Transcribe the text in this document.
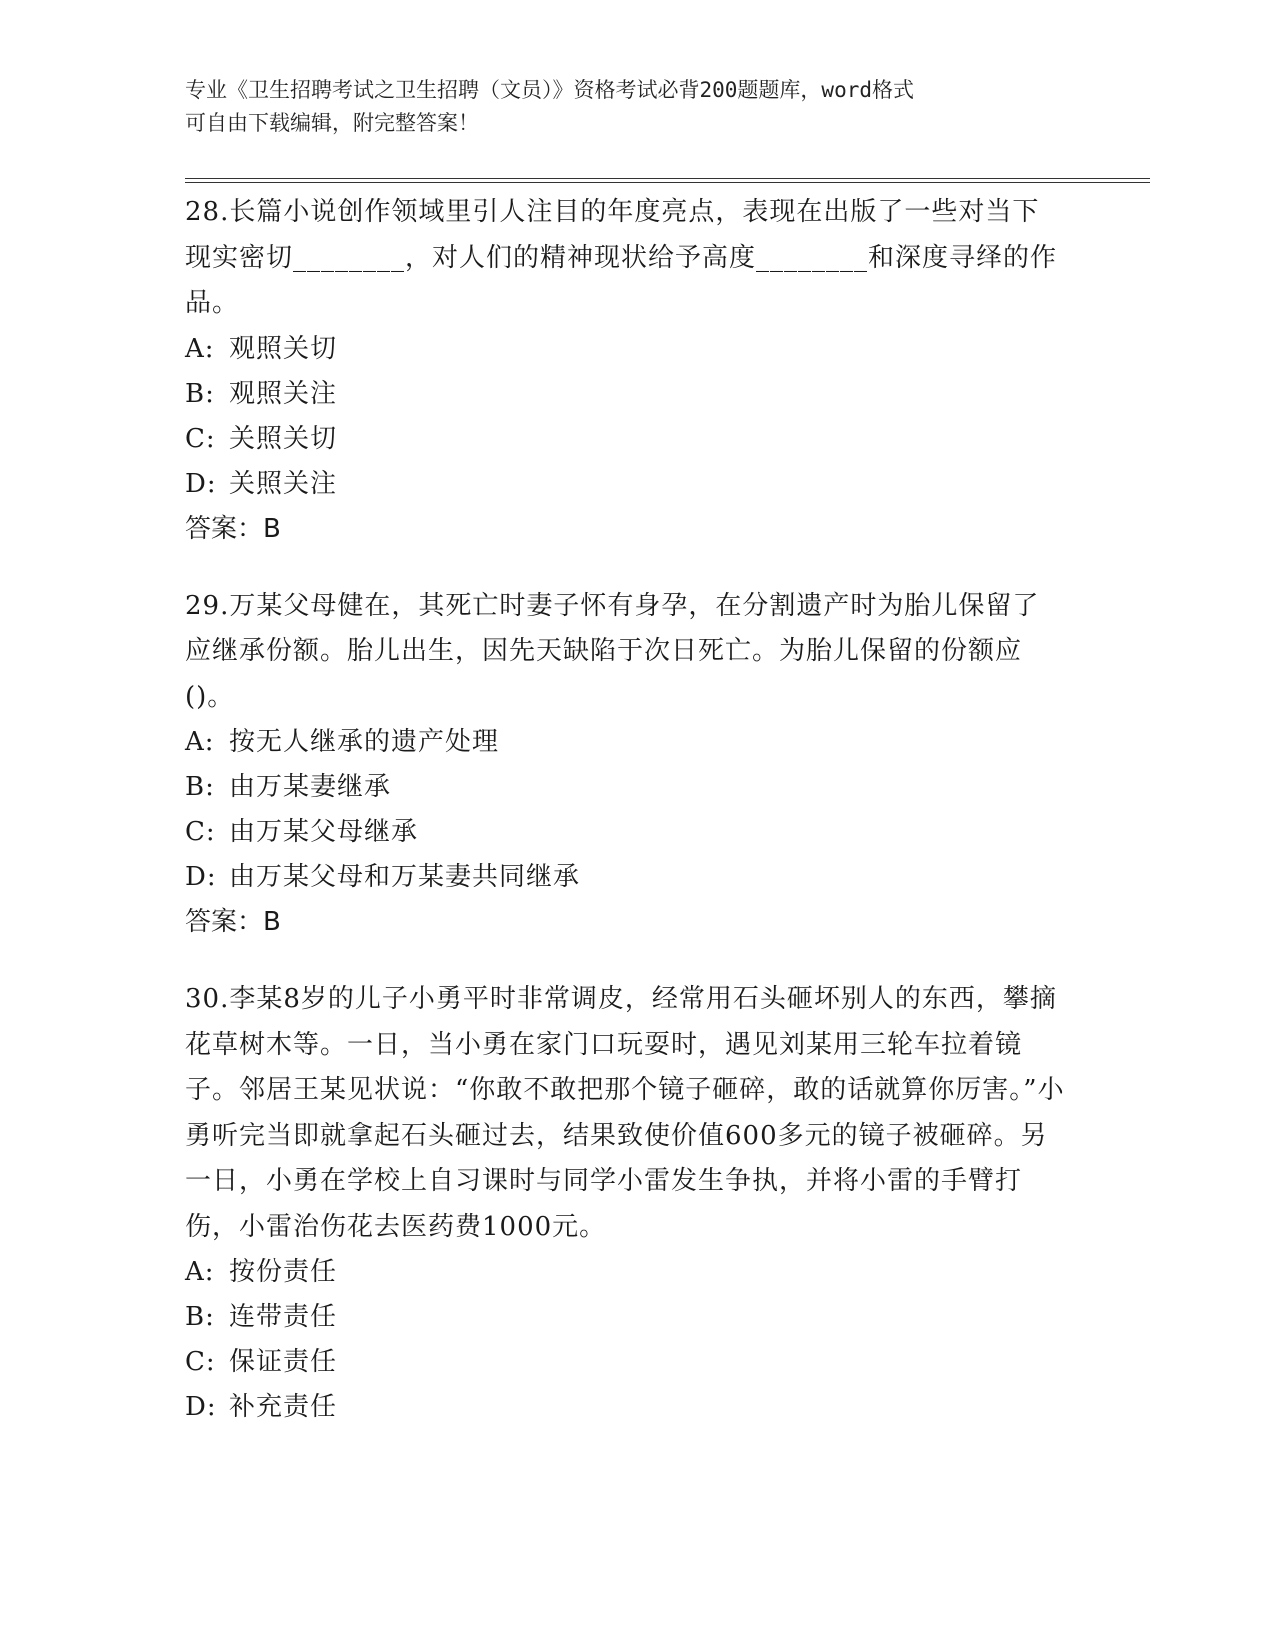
专业《卫生招聘考试之卫生招聘（文员）》资格考试必背200题题库，word格式
可自由下载编辑，附完整答案！

28.长篇小说创作领域里引人注目的年度亮点，表现在出版了一些对当下现实密切________，对人们的精神现状给予高度________和深度寻绎的作品。

A: 观照关切

B: 观照关注

C: 关照关切

D: 关照关注

答案：B

29.万某父母健在，其死亡时妻子怀有身孕，在分割遗产时为胎儿保留了应继承份额。胎儿出生，因先天缺陷于次日死亡。为胎儿保留的份额应()。

A: 按无人继承的遗产处理

B: 由万某妻继承

C: 由万某父母继承

D: 由万某父母和万某妻共同继承

答案：B

30.李某8岁的儿子小勇平时非常调皮，经常用石头砸坏别人的东西，攀摘花草树木等。一日，当小勇在家门口玩耍时，遇见刘某用三轮车拉着镜子。邻居王某见状说：“你敢不敢把那个镜子砸碎，敢的话就算你厉害。”小勇听完当即就拿起石头砸过去，结果致使价值600多元的镜子被砸碎。另一日，小勇在学校上自习课时与同学小雷发生争执，并将小雷的手臂打伤，小雷治伤花去医药费1000元。

A: 按份责任

B: 连带责任

C: 保证责任

D: 补充责任
